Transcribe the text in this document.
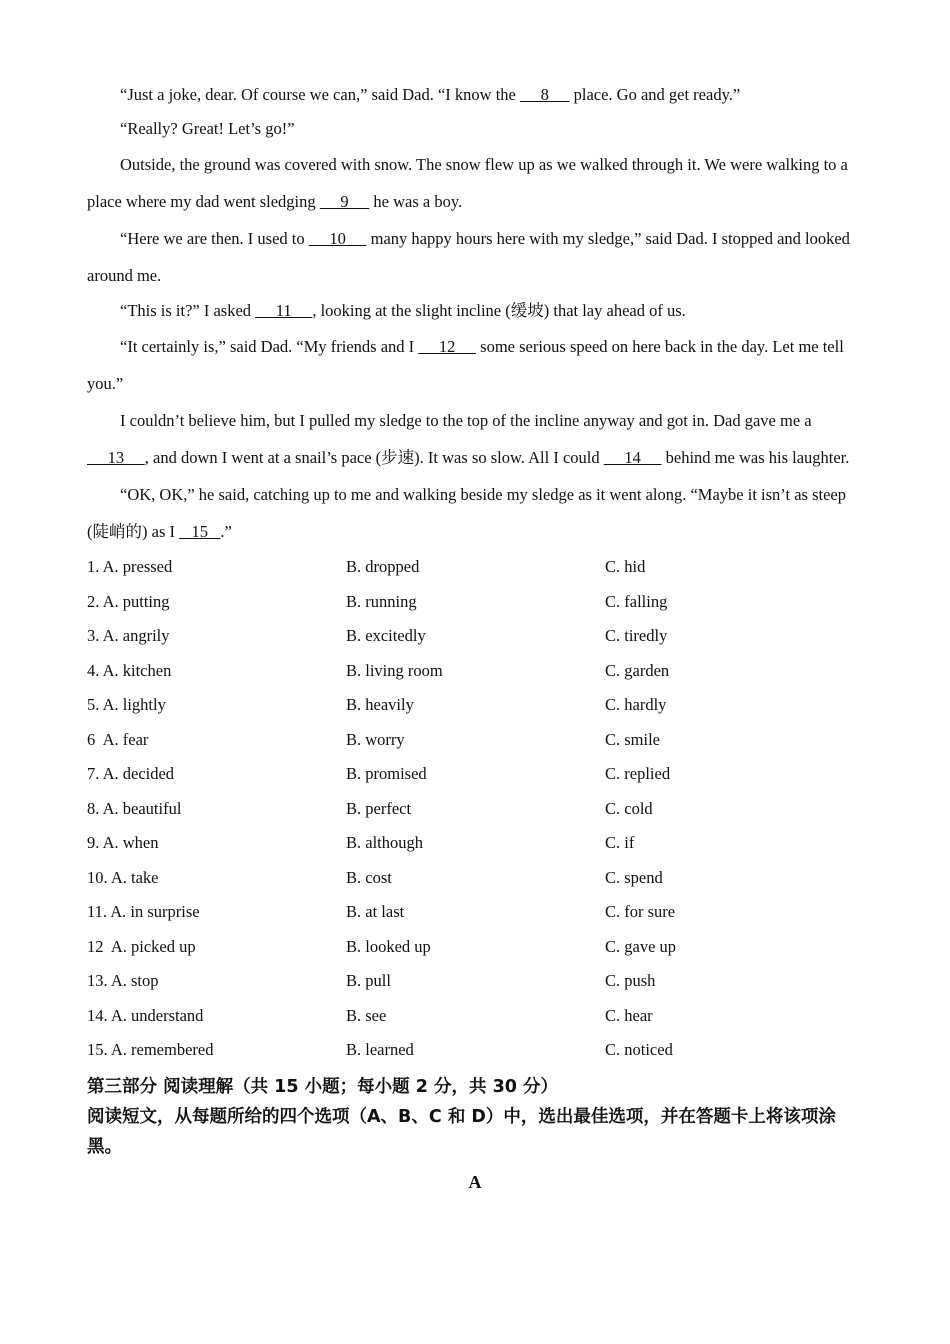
“Just a joke, dear. Of course we can,” said Dad. “I know the      8      place. Go and get ready.”

“Really? Great! Let’s go!”

Outside, the ground was covered with snow. The snow flew up as we walked through it. We were walking to a place where my dad went sledging      9      he was a boy.

“Here we are then. I used to      10      many happy hours here with my sledge,” said Dad. I stopped and looked around me.

“This is it?” I asked      11     , looking at the slight incline (缓坡) that lay ahead of us.

“It certainly is,” said Dad. “My friends and I      12      some serious speed on here back in the day. Let me tell you.”

I couldn’t believe him, but I pulled my sledge to the top of the incline anyway and got in. Dad gave me a      13     , and down I went at a snail’s pace (步速). It was so slow. All I could      14      behind me was his laughter.

“OK, OK,” he said, catching up to me and walking beside my sledge as it went along. “Maybe it isn’t as steep (陡峭的) as I    15   .”

1. A. pressed	B. dropped	C. hid
2. A. putting	B. running	C. falling
3. A. angrily	B. excitedly	C. tiredly
4. A. kitchen	B. living room	C. garden
5. A. lightly	B. heavily	C. hardly
6  A. fear	B. worry	C. smile
7. A. decided	B. promised	C. replied
8. A. beautiful	B. perfect	C. cold
9. A. when	B. although	C. if
10. A. take	B. cost	C. spend
11. A. in surprise	B. at last	C. for sure
12  A. picked up	B. looked up	C. gave up
13. A. stop	B. pull	C. push
14. A. understand	B. see	C. hear
15. A. remembered	B. learned	C. noticed

第三部分 阅读理解（共 15 小题；每小题 2 分，共 30 分）

阅读短文，从每题所给的四个选项（A、B、C 和 D）中，选出最佳选项，并在答题卡上将该项涂黑。

A
